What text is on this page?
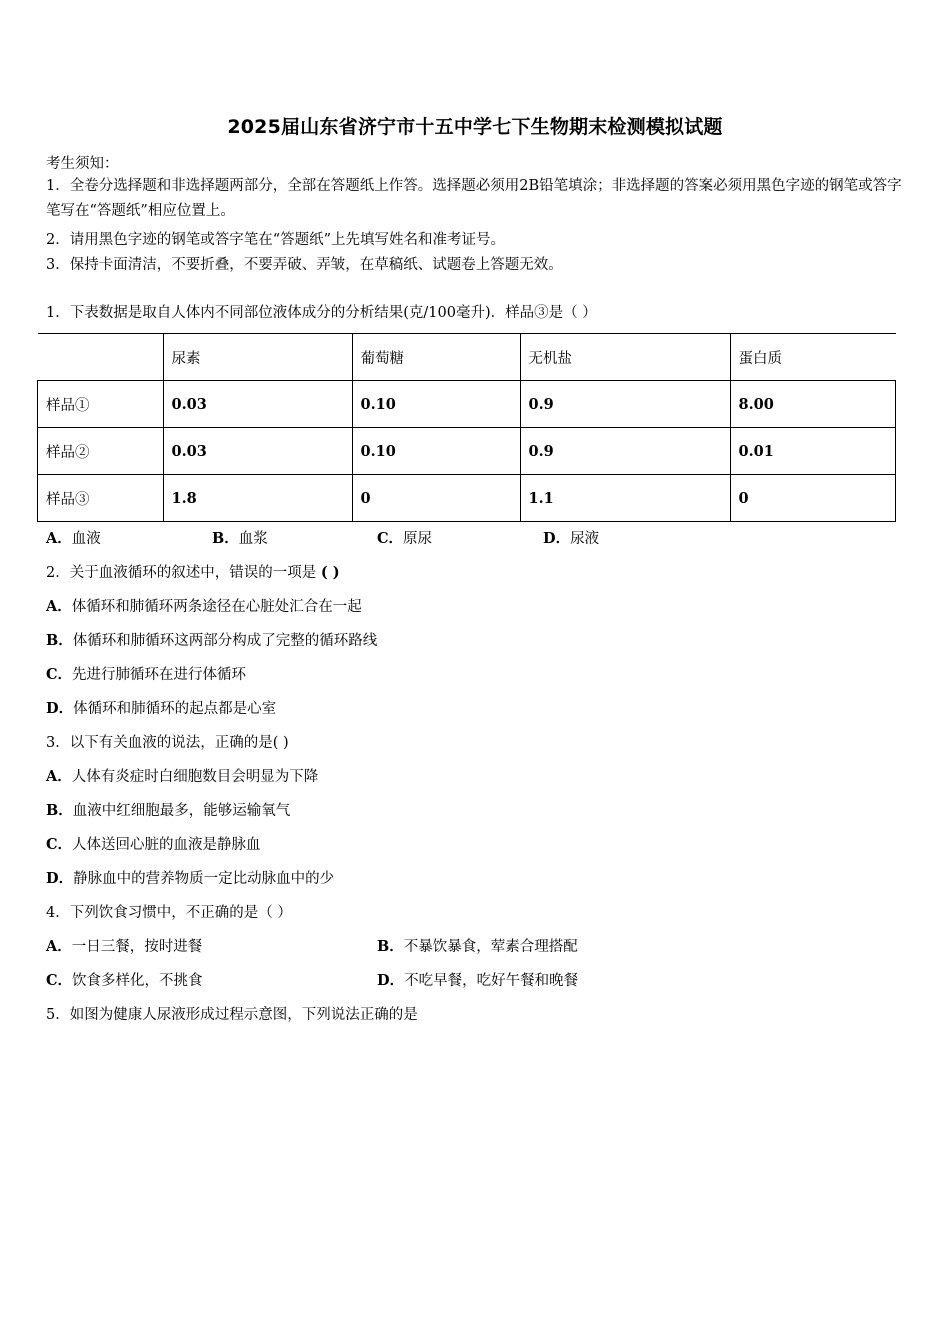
2025届山东省济宁市十五中学七下生物期末检测模拟试题
考生须知：
1．全卷分选择题和非选择题两部分，全部在答题纸上作答。选择题必须用2B铅笔填涂；非选择题的答案必须用黑色字迹的钢笔或答字笔写在“答题纸”相应位置上。
2．请用黑色字迹的钢笔或答字笔在“答题纸”上先填写姓名和准考证号。
3．保持卡面清洁，不要折叠，不要弄破、弄皱，在草稿纸、试题卷上答题无效。
1．下表数据是取自人体内不同部位液体成分的分析结果(克/100毫升)．样品③是（ ）
	尿素	葡萄糖	无机盐	蛋白质
样品①	0.03	0.10	0.9	8.00
样品②	0.03	0.10	0.9	0.01
样品③	1.8	0	1.1	0
A．血液	B．血浆	C．原尿	D．尿液
2．关于血液循环的叙述中，错误的一项是 ( )
A．体循环和肺循环两条途径在心脏处汇合在一起
B．体循环和肺循环这两部分构成了完整的循环路线
C．先进行肺循环在进行体循环
D．体循环和肺循环的起点都是心室
3．以下有关血液的说法，正确的是( )
A．人体有炎症时白细胞数目会明显为下降
B．血液中红细胞最多，能够运输氧气
C．人体送回心脏的血液是静脉血
D．静脉血中的营养物质一定比动脉血中的少
4．下列饮食习惯中，不正确的是（ ）
A．一日三餐，按时进餐	B．不暴饮暴食，荤素合理搭配
C．饮食多样化，不挑食	D．不吃早餐，吃好午餐和晚餐
5．如图为健康人尿液形成过程示意图，下列说法正确的是
